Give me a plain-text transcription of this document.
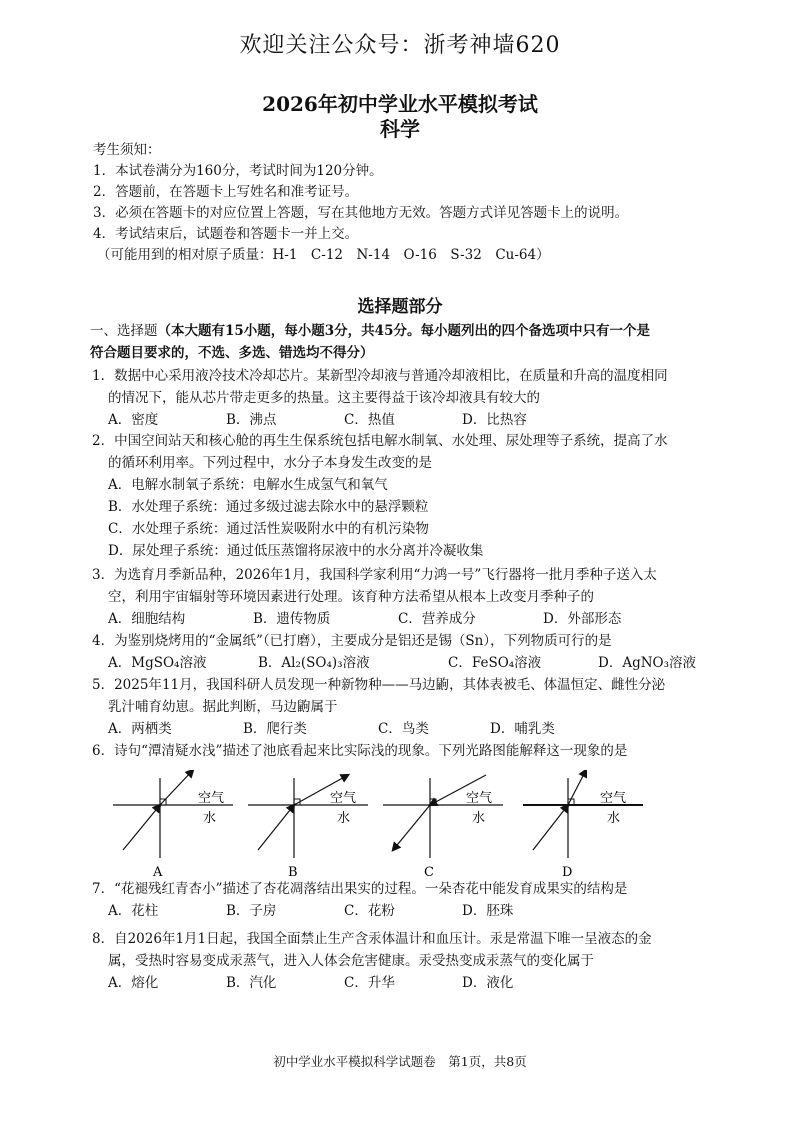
欢迎关注公众号：浙考神墙620
2026年初中学业水平模拟考试
科学
考生须知：
1．本试卷满分为160分，考试时间为120分钟。
2．答题前，在答题卡上写姓名和准考证号。
3．必须在答题卡的对应位置上答题，写在其他地方无效。答题方式详见答题卡上的说明。
4．考试结束后，试题卷和答题卡一并上交。
（可能用到的相对原子质量：H-1　C-12　N-14　O-16　S-32　Cu-64）
选择题部分
一、选择题（本大题有15小题，每小题3分，共45分。每小题列出的四个备选项中只有一个是
符合题目要求的，不选、多选、错选均不得分）
1．数据中心采用液冷技术冷却芯片。某新型冷却液与普通冷却液相比，在质量和升高的温度相同
的情况下，能从芯片带走更多的热量。这主要得益于该冷却液具有较大的
A．密度	B．沸点	C．热值	D．比热容
2．中国空间站天和核心舱的再生生保系统包括电解水制氧、水处理、尿处理等子系统，提高了水
的循环利用率。下列过程中，水分子本身发生改变的是
A．电解水制氧子系统：电解水生成氢气和氧气
B．水处理子系统：通过多级过滤去除水中的悬浮颗粒
C．水处理子系统：通过活性炭吸附水中的有机污染物
D．尿处理子系统：通过低压蒸馏将尿液中的水分离并冷凝收集
3．为选育月季新品种，2026年1月，我国科学家利用“力鸿一号”飞行器将一批月季种子送入太
空，利用宇宙辐射等环境因素进行处理。该育种方法希望从根本上改变月季种子的
A．细胞结构	B．遗传物质	C．营养成分	D．外部形态
4．为鉴别烧烤用的“金属纸”（已打磨），主要成分是铝还是锡（Sn），下列物质可行的是
A．MgSO₄溶液	B．Al₂(SO₄)₃溶液	C．FeSO₄溶液	D．AgNO₃溶液
5．2025年11月，我国科研人员发现一种新物种——马边鼩，其体表被毛、体温恒定、雌性分泌
乳汁哺育幼崽。据此判断，马边鼩属于
A．两栖类	B．爬行类	C．鸟类	D．哺乳类
6．诗句“潭清疑水浅”描述了池底看起来比实际浅的现象。下列光路图能解释这一现象的是
空气
水
A
空气
水
B
空气
水
C
空气
水
D
7．“花褪残红青杏小”描述了杏花凋落结出果实的过程。一朵杏花中能发育成果实的结构是
A．花柱	B．子房	C．花粉	D．胚珠
8．自2026年1月1日起，我国全面禁止生产含汞体温计和血压计。汞是常温下唯一呈液态的金
属，受热时容易变成汞蒸气，进入人体会危害健康。汞受热变成汞蒸气的变化属于
A．熔化	B．汽化	C．升华	D．液化
初中学业水平模拟科学试题卷　第1页，共8页
